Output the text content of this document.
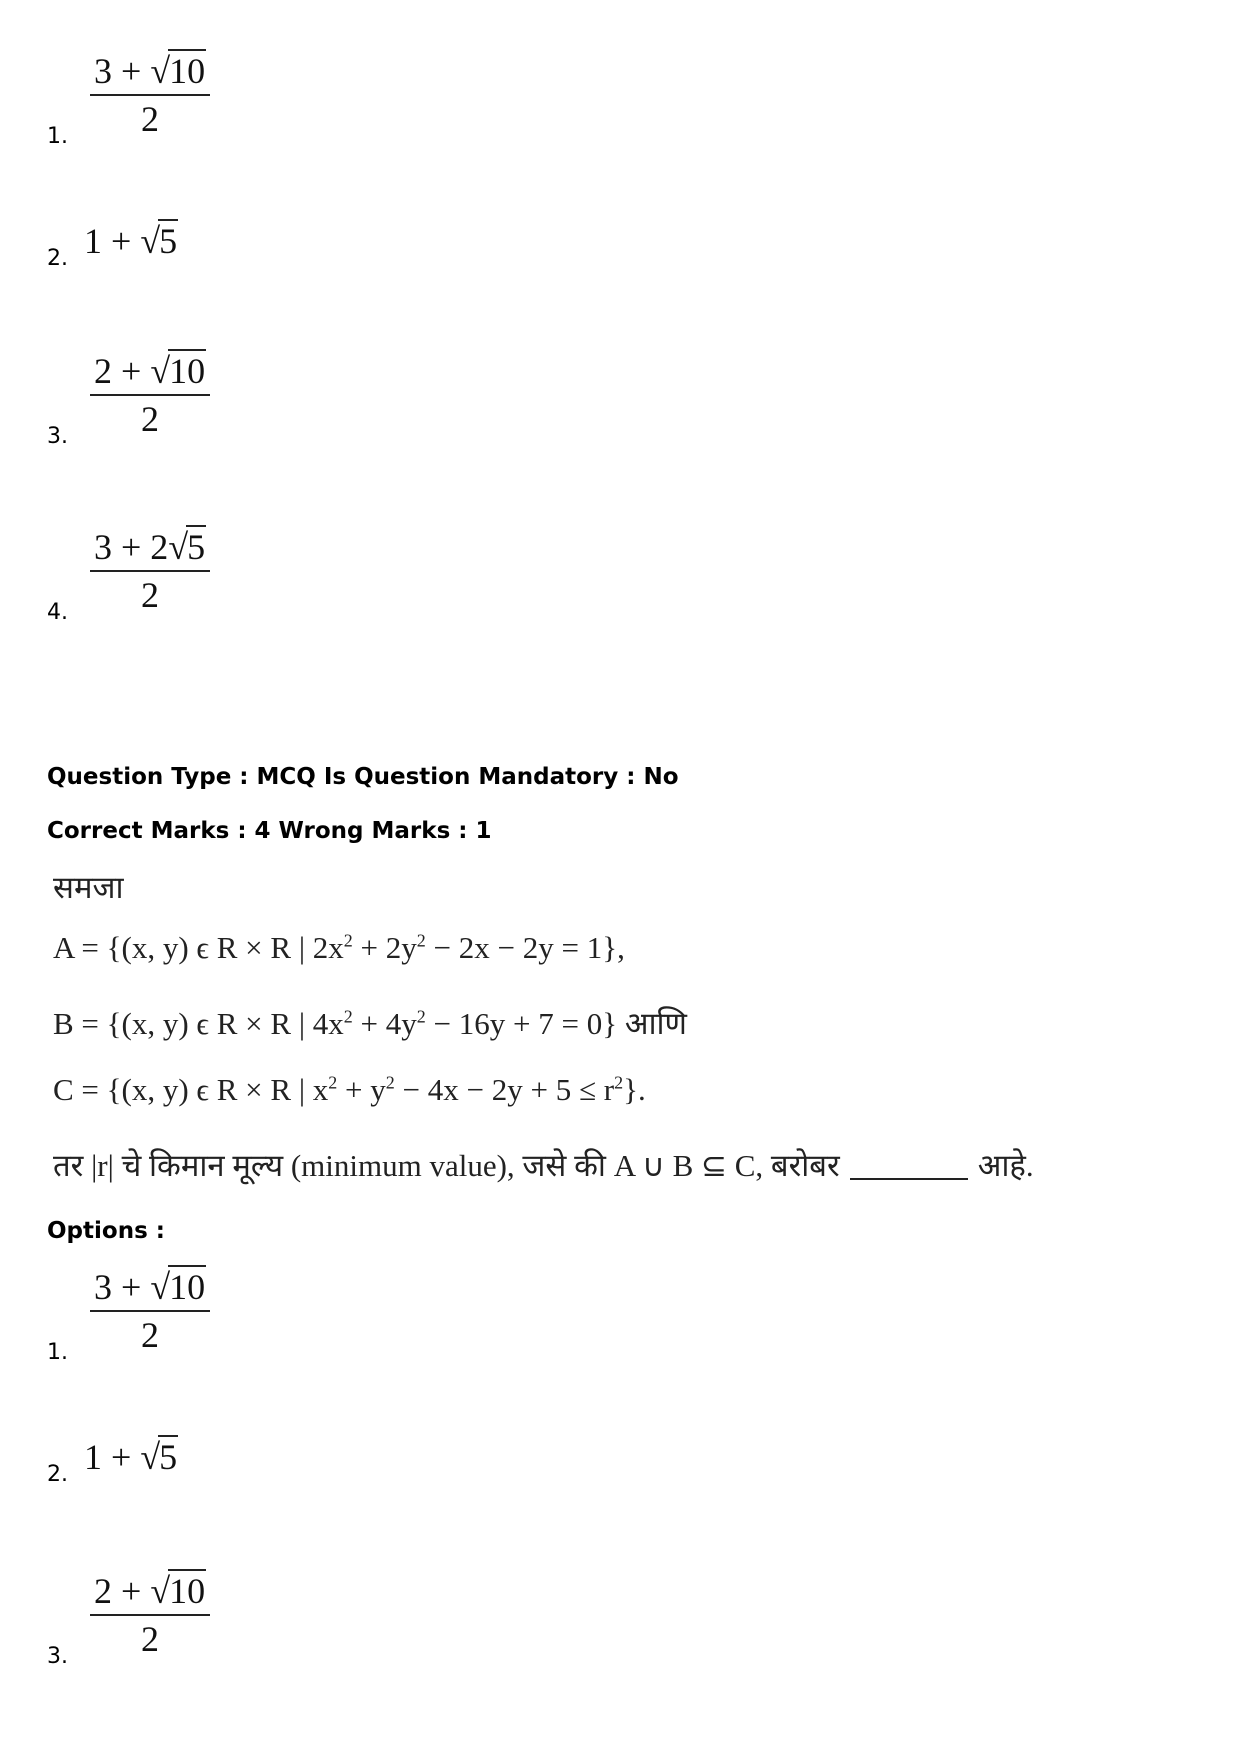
1.
3 + √10
2
2. 1 + √5
3.
2 + √10
2
4.
3 + 2√5
2
Question Type : MCQ Is Question Mandatory : No
Correct Marks : 4 Wrong Marks : 1
समजा
A = {(x, y) ϵ R × R | $2x^2 + 2y^2 - 2x - 2y = 1$},
B = {(x, y) ϵ R × R | $4x^2 + 4y^2 - 16y + 7 = 0$} आणि
C = {(x, y) ϵ R × R | $x^2 + y^2 - 4x - 2y + 5 \le r^2$}.
तर |r| चे किमान मूल्य (minimum value), जसे की A ∪ B ⊆ C, बरोबर	आहे.
Options :
1.
3 + √10
2
2. 1 + √5
3.
2 + √10
2
